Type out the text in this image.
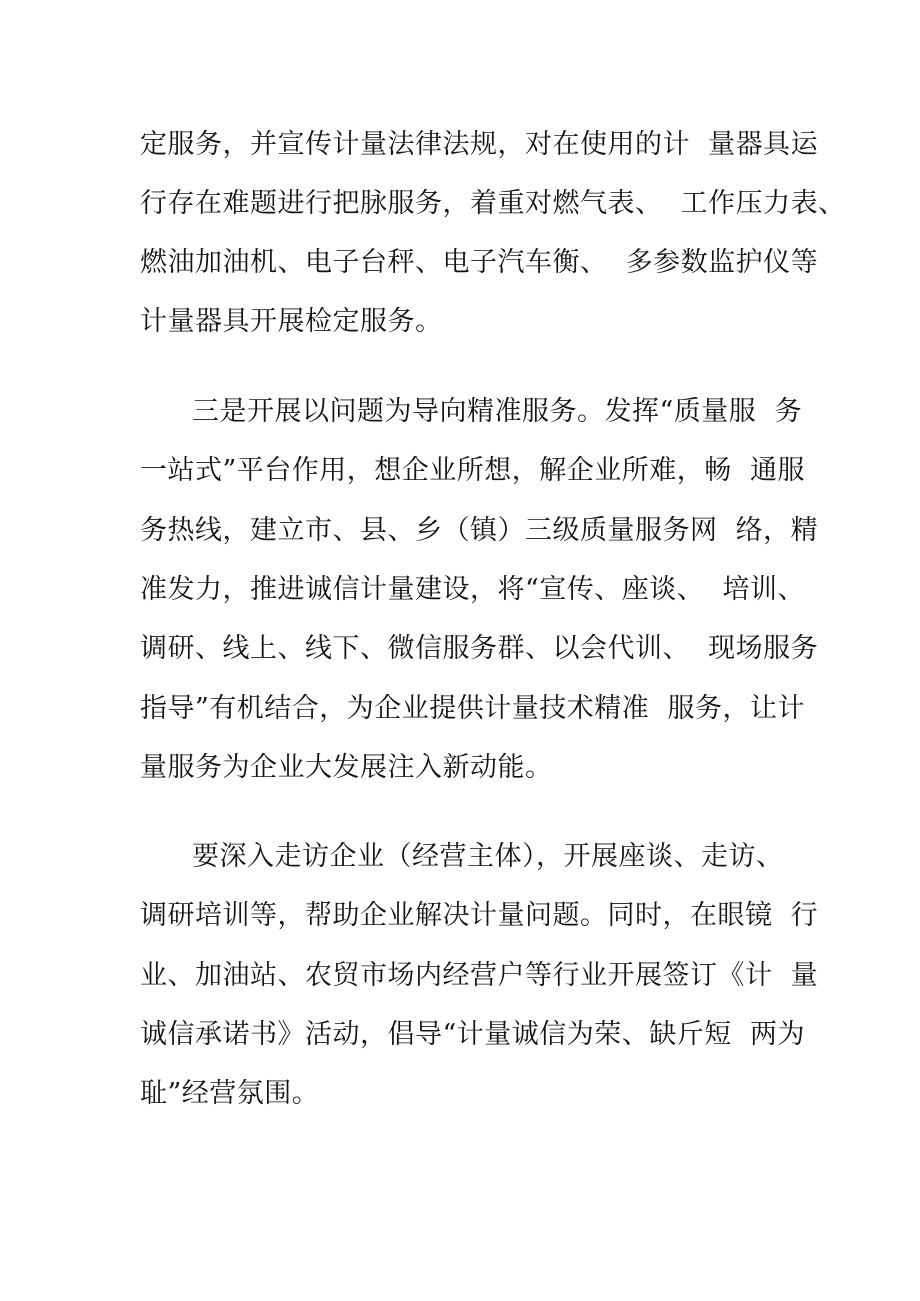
定服务，并宣传计量法律法规，对在使用的计  量器具运
行存在难题进行把脉服务，着重对燃气表、  工作压力表、
燃油加油机、电子台秤、电子汽车衡、  多参数监护仪等
计量器具开展检定服务。
三是开展以问题为导向精准服务。发挥“质量服  务
一站式”平台作用，想企业所想，解企业所难，畅  通服
务热线，建立市、县、乡（镇）三级质量服务网  络，精
准发力，推进诚信计量建设，将“宣传、座谈、  培训、
调研、线上、线下、微信服务群、以会代训、  现场服务
指导”有机结合，为企业提供计量技术精准  服务，让计
量服务为企业大发展注入新动能。
要深入走访企业（经营主体），开展座谈、走访、
调研培训等，帮助企业解决计量问题。同时，在眼镜  行
业、加油站、农贸市场内经营户等行业开展签订《计  量
诚信承诺书》活动，倡导“计量诚信为荣、缺斤短  两为
耻”经营氛围。
